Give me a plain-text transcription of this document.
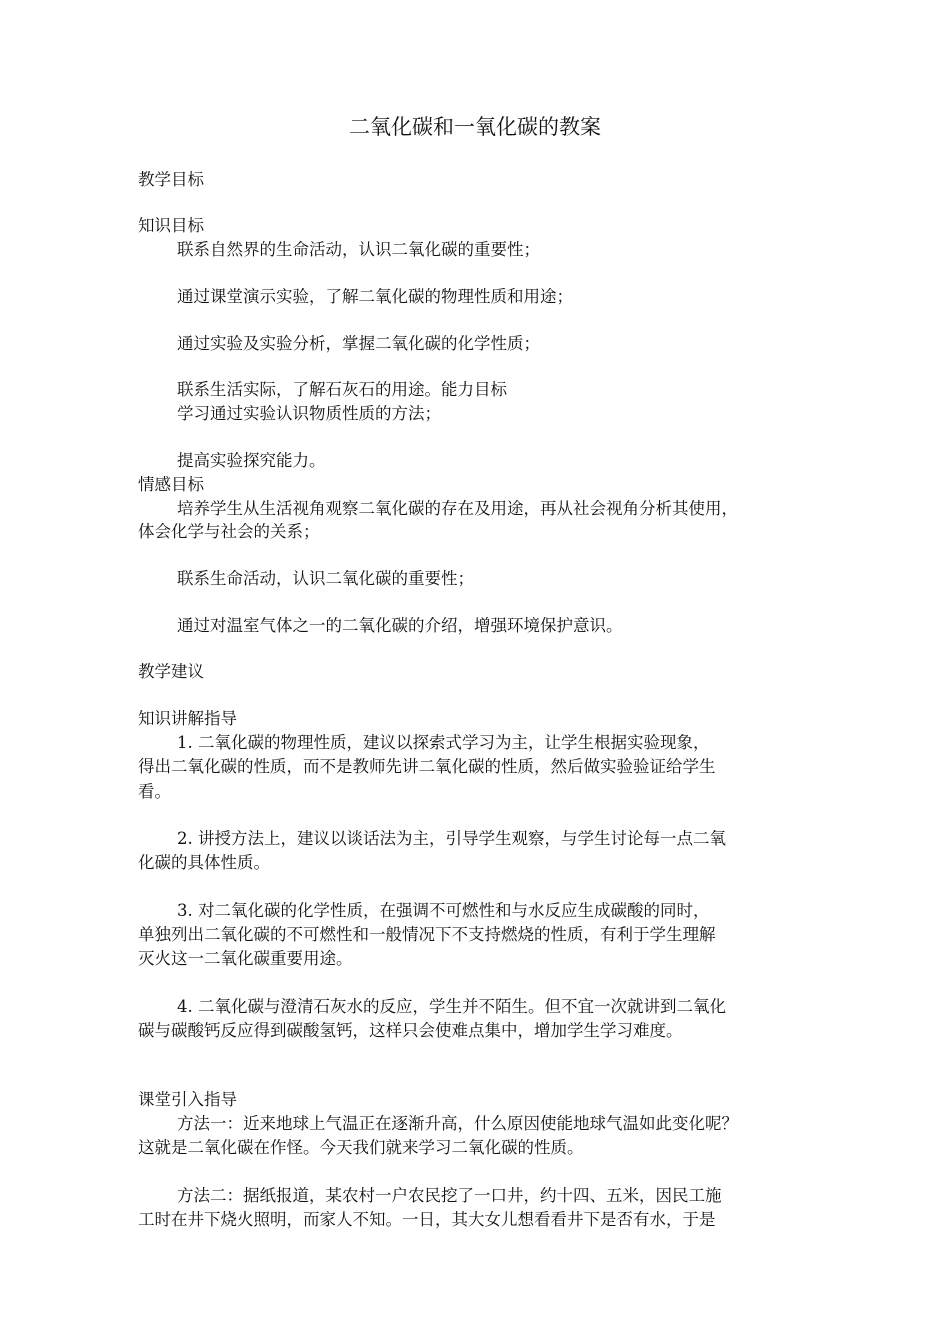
二氧化碳和一氧化碳的教案

教学目标

知识目标

联系自然界的生命活动，认识二氧化碳的重要性；

通过课堂演示实验，了解二氧化碳的物理性质和用途；

通过实验及实验分析，掌握二氧化碳的化学性质；

联系生活实际，了解石灰石的用途。能力目标

学习通过实验认识物质性质的方法；

提高实验探究能力。

情感目标

培养学生从生活视角观察二氧化碳的存在及用途，再从社会视角分析其使用，

体会化学与社会的关系；

联系生命活动，认识二氧化碳的重要性；

通过对温室气体之一的二氧化碳的介绍，增强环境保护意识。

教学建议

知识讲解指导

1. 二氧化碳的物理性质，建议以探索式学习为主，让学生根据实验现象，

得出二氧化碳的性质，而不是教师先讲二氧化碳的性质，然后做实验验证给学生

看。

2. 讲授方法上，建议以谈话法为主，引导学生观察，与学生讨论每一点二氧

化碳的具体性质。

3. 对二氧化碳的化学性质，在强调不可燃性和与水反应生成碳酸的同时，

单独列出二氧化碳的不可燃性和一般情况下不支持燃烧的性质，有利于学生理解

灭火这一二氧化碳重要用途。

4. 二氧化碳与澄清石灰水的反应，学生并不陌生。但不宜一次就讲到二氧化

碳与碳酸钙反应得到碳酸氢钙，这样只会使难点集中，增加学生学习难度。

课堂引入指导

方法一：近来地球上气温正在逐渐升高，什么原因使能地球气温如此变化呢？

这就是二氧化碳在作怪。今天我们就来学习二氧化碳的性质。

方法二：据纸报道，某农村一户农民挖了一口井，约十四、五米，因民工施

工时在井下烧火照明，而家人不知。一日，其大女儿想看看井下是否有水，于是
